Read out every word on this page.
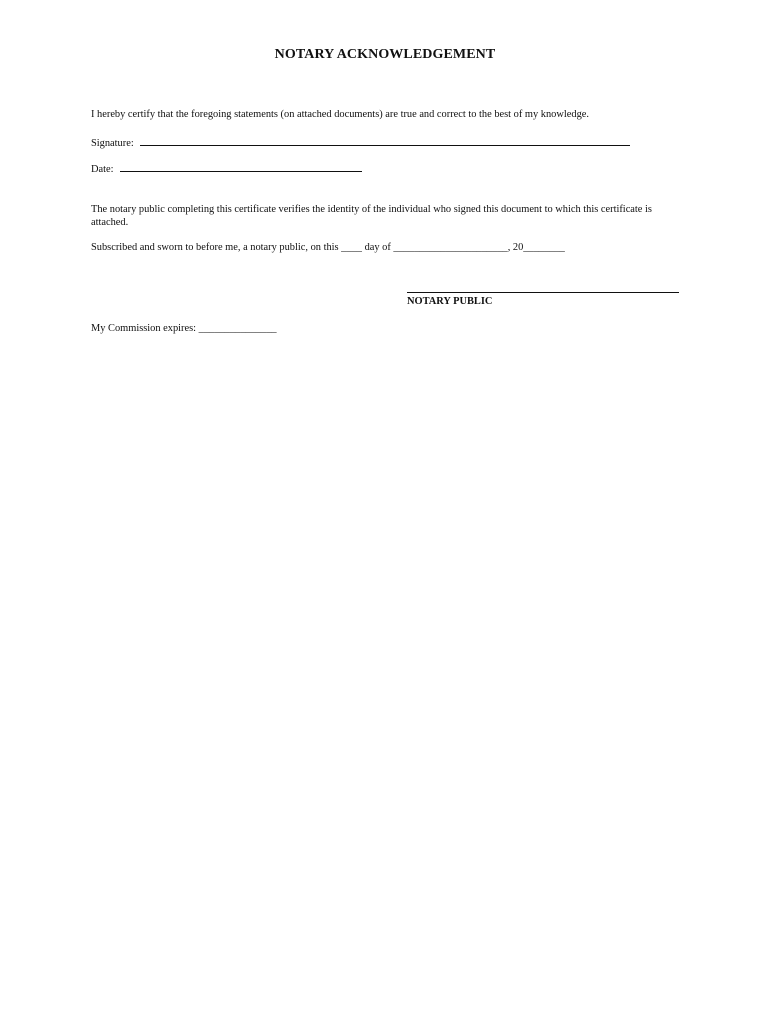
NOTARY ACKNOWLEDGEMENT
I hereby certify that the foregoing statements (on attached documents) are true and correct to the best of my knowledge.
Signature:
Date:
The notary public completing this certificate verifies the identity of the individual who signed this document to which this certificate is attached.
Subscribed and sworn to before me, a notary public, on this ____ day of ______________________, 20________
NOTARY PUBLIC
My Commission expires: _______________
